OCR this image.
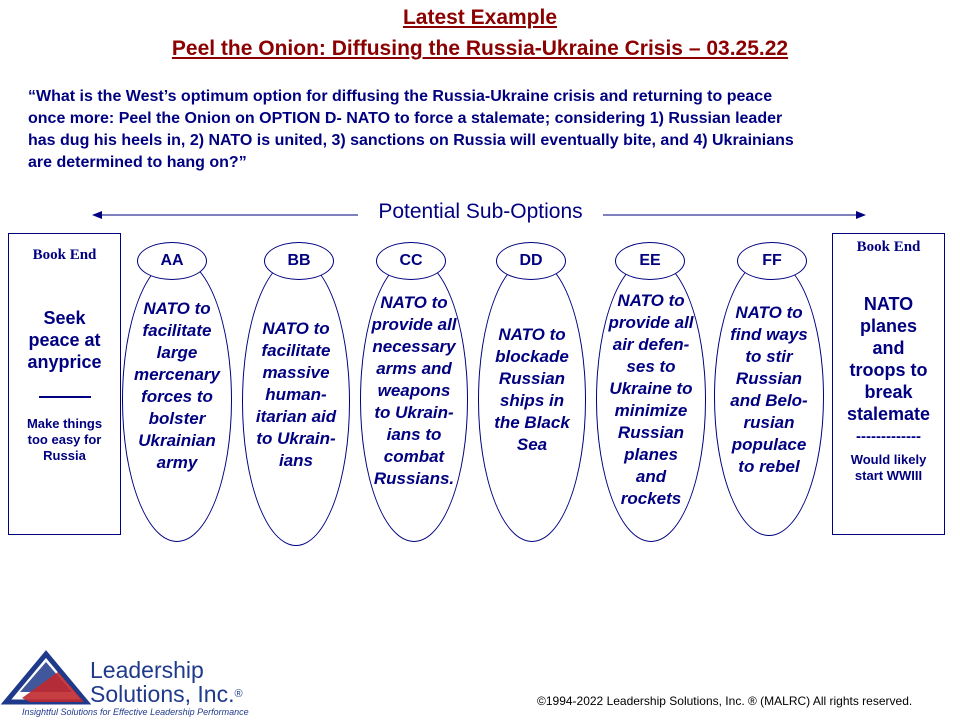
Latest Example
Peel the Onion: Diffusing the Russia-Ukraine Crisis – 03.25.22
“What is the West’s optimum option for diffusing the Russia-Ukraine crisis and returning to peace
once more: Peel the Onion on OPTION D- NATO to force a stalemate; considering 1) Russian leader
has dug his heels in, 2) NATO is united, 3) sanctions on Russia will eventually bite, and 4) Ukrainians
are determined to hang on?”
Potential Sub-Options
Book End
Seek
peace at
anyprice
Make things
too easy for
Russia
Book End
NATO
planes
and
troops to
break
stalemate
-------------
Would likely
start WWIII
NATO to
facilitate
large
mercenary
forces to
bolster
Ukrainian
army
AA
NATO to
facilitate
massive
human-
itarian aid
to Ukrain-
ians
BB
NATO to
provide all
necessary
arms and
weapons
to Ukrain-
ians to
combat
Russians.
CC
NATO to
blockade
Russian
ships in
the Black
Sea
DD
NATO to
provide all
air defen-
ses to
Ukraine to
minimize
Russian
planes
and
rockets
EE
NATO to
find ways
to stir
Russian
and Belo-
rusian
populace
to rebel
FF
Leadership
Solutions, Inc.®
Insightful Solutions for Effective Leadership Performance
©1994-2022 Leadership Solutions, Inc. ® (MALRC) All rights reserved.
